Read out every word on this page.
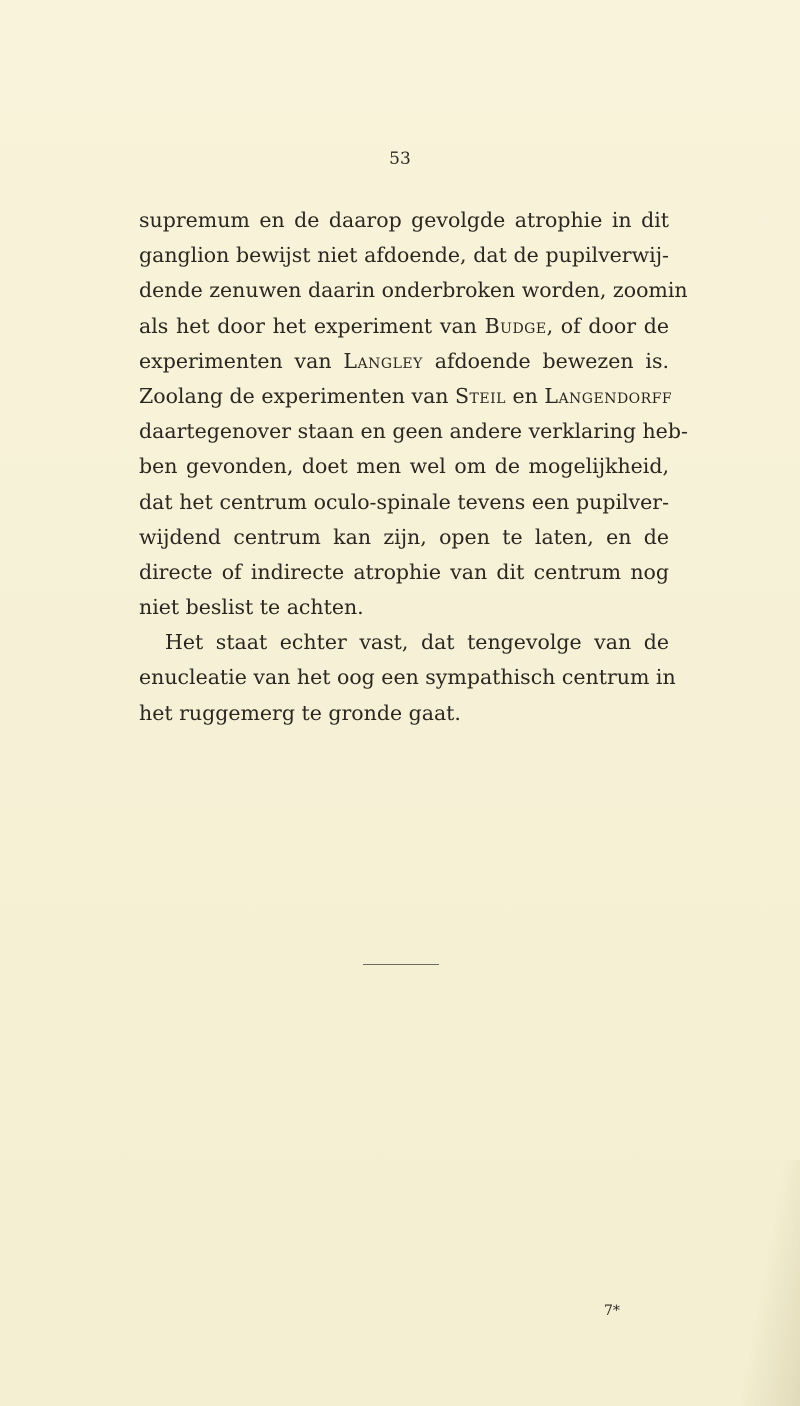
53
supremum en de daarop gevolgde atrophie in dit
ganglion bewijst niet afdoende, dat de pupilverwij-
dende zenuwen daarin onderbroken worden, zoomin
als het door het experiment van Budge, of door de
experimenten van Langley afdoende bewezen is.
Zoolang de experimenten van Steil en Langendorff
daartegenover staan en geen andere verklaring heb-
ben gevonden, doet men wel om de mogelijkheid,
dat het centrum oculo-spinale tevens een pupilver-
wijdend centrum kan zijn, open te laten, en de
directe of indirecte atrophie van dit centrum nog
niet beslist te achten.
Het staat echter vast, dat tengevolge van de
enucleatie van het oog een sympathisch centrum in
het ruggemerg te gronde gaat.
7*
